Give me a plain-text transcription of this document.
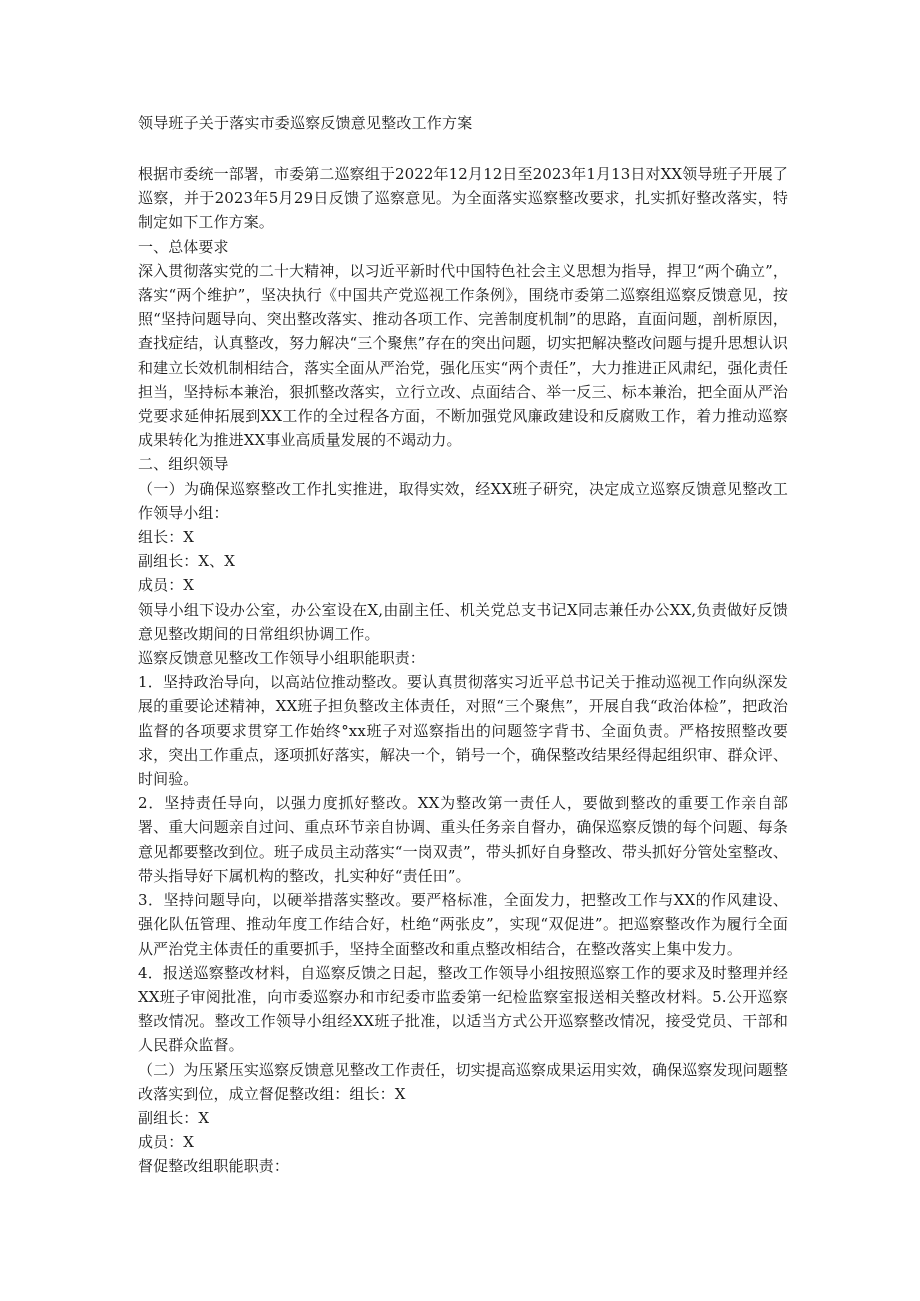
领导班子关于落实市委巡察反馈意见整改工作方案

根据市委统一部署，市委第二巡察组于2022年12月12日至2023年1月13日对XX领导班子开展了巡察，并于2023年5月29日反馈了巡察意见。为全面落实巡察整改要求，扎实抓好整改落实，特制定如下工作方案。

一、总体要求

深入贯彻落实党的二十大精神，以习近平新时代中国特色社会主义思想为指导，捍卫“两个确立”，落实“两个维护”，坚决执行《中国共产党巡视工作条例》，围绕市委第二巡察组巡察反馈意见，按照“坚持问题导向、突出整改落实、推动各项工作、完善制度机制”的思路，直面问题，剖析原因，查找症结，认真整改，努力解决“三个聚焦”存在的突出问题，切实把解决整改问题与提升思想认识和建立长效机制相结合，落实全面从严治党，强化压实“两个责任”，大力推进正风肃纪，强化责任担当，坚持标本兼治，狠抓整改落实，立行立改、点面结合、举一反三、标本兼治，把全面从严治党要求延伸拓展到XX工作的全过程各方面，不断加强党风廉政建设和反腐败工作，着力推动巡察成果转化为推进XX事业高质量发展的不竭动力。

二、组织领导

（一）为确保巡察整改工作扎实推进，取得实效，经XX班子研究，决定成立巡察反馈意见整改工作领导小组：

组长：X

副组长：X、X

成员：X

领导小组下设办公室，办公室设在X,由副主任、机关党总支书记X同志兼任办公XX,负责做好反馈意见整改期间的日常组织协调工作。

巡察反馈意见整改工作领导小组职能职责：

1．坚持政治导向，以高站位推动整改。要认真贯彻落实习近平总书记关于推动巡视工作向纵深发展的重要论述精神，XX班子担负整改主体责任，对照“三个聚焦”，开展自我“政治体检”，把政治监督的各项要求贯穿工作始终°xx班子对巡察指出的问题签字背书、全面负责。严格按照整改要求，突出工作重点，逐项抓好落实，解决一个，销号一个，确保整改结果经得起组织审、群众评、时间验。

2．坚持责任导向，以强力度抓好整改。XX为整改第一责任人，要做到整改的重要工作亲自部署、重大问题亲自过问、重点环节亲自协调、重头任务亲自督办，确保巡察反馈的每个问题、每条意见都要整改到位。班子成员主动落实“一岗双责”，带头抓好自身整改、带头抓好分管处室整改、带头指导好下属机构的整改，扎实种好“责任田”。

3．坚持问题导向，以硬举措落实整改。要严格标准，全面发力，把整改工作与XX的作风建设、强化队伍管理、推动年度工作结合好，杜绝“两张皮”，实现“双促进”。把巡察整改作为履行全面从严治党主体责任的重要抓手，坚持全面整改和重点整改相结合，在整改落实上集中发力。

4．报送巡察整改材料，自巡察反馈之日起，整改工作领导小组按照巡察工作的要求及时整理并经XX班子审阅批准，向市委巡察办和市纪委市监委第一纪检监察室报送相关整改材料。5.公开巡察整改情况。整改工作领导小组经XX班子批准，以适当方式公开巡察整改情况，接受党员、干部和人民群众监督。

（二）为压紧压实巡察反馈意见整改工作责任，切实提高巡察成果运用实效，确保巡察发现问题整改落实到位，成立督促整改组：组长：X

副组长：X

成员：X

督促整改组职能职责：
